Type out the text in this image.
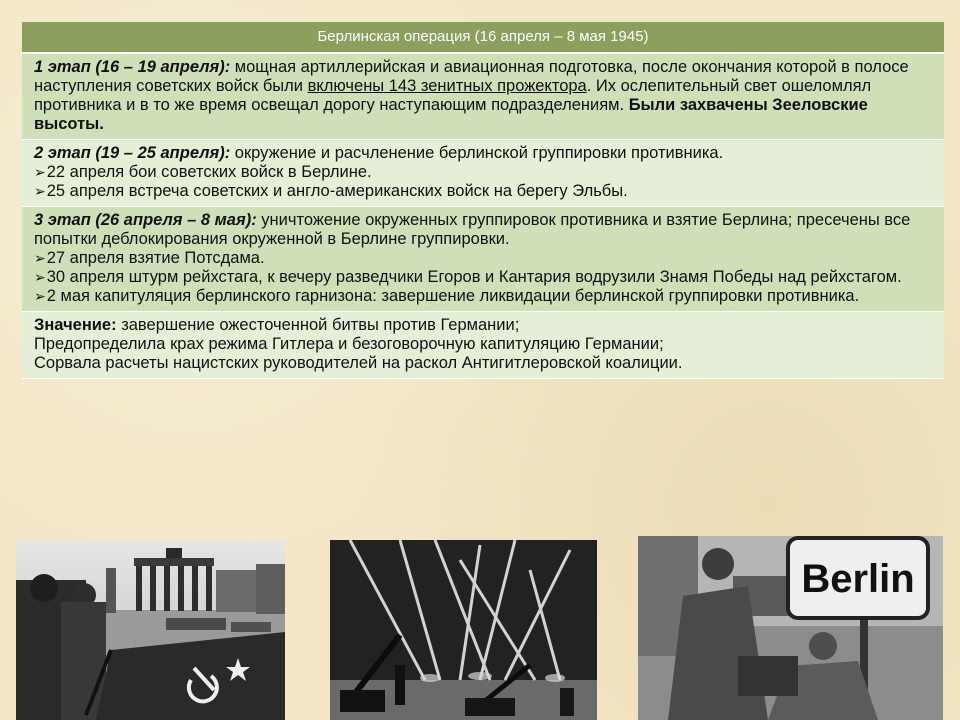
Берлинская операция (16 апреля – 8 мая 1945)
1 этап (16 – 19 апреля): мощная артиллерийская и авиационная подготовка, после окончания которой в полосе наступления советских войск были включены 143 зенитных прожектора. Их ослепительный свет ошеломлял противника и в то же время освещал дорогу наступающим подразделениям. Были захвачены Зееловские высоты.
2 этап (19 – 25 апреля): окружение и расчленение берлинской группировки противника.
➢ 22 апреля бои советских войск в Берлине.
➢ 25 апреля встреча советских и англо-американских войск на берегу Эльбы.
3 этап (26 апреля – 8 мая): уничтожение окруженных группировок противника и взятие Берлина; пресечены все попытки деблокирования окруженной в Берлине группировки.
➢ 27 апреля взятие Потсдама.
➢ 30 апреля штурм рейхстага, к вечеру разведчики Егоров и Кантария водрузили Знамя Победы над рейхстагом.
➢ 2 мая капитуляция берлинского гарнизона: завершение ликвидации берлинской группировки противника.
Значение: завершение ожесточенной битвы против Германии;
Предопределила крах режима Гитлера и безоговорочную капитуляцию Германии;
Сорвала расчеты нацистских руководителей на раскол Антигитлеровской коалиции.
Berlin
